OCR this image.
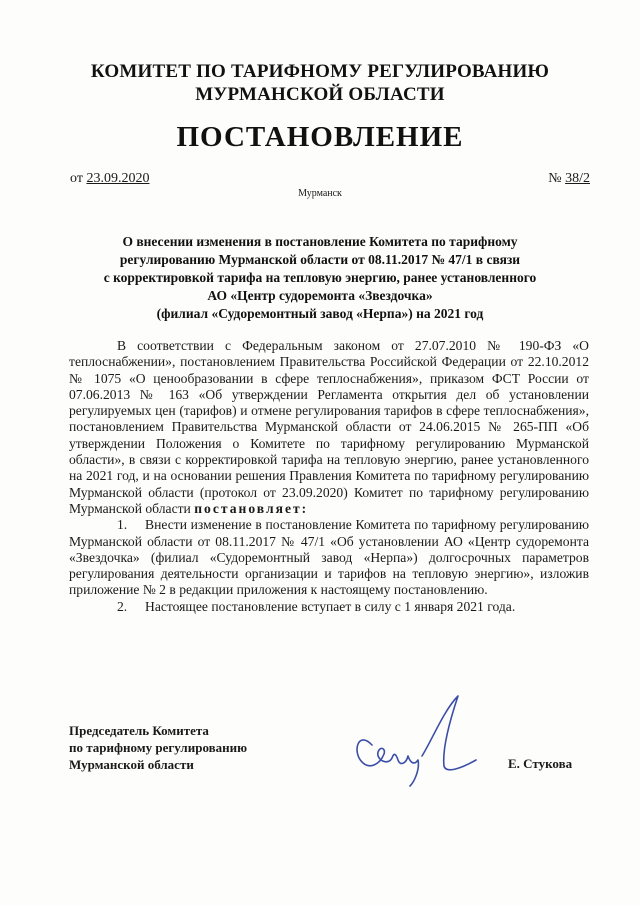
КОМИТЕТ ПО ТАРИФНОМУ РЕГУЛИРОВАНИЮ
МУРМАНСКОЙ ОБЛАСТИ
ПОСТАНОВЛЕНИЕ
от 23.09.2020	№ 38/2
Мурманск
О внесении изменения в постановление Комитета по тарифному
регулированию Мурманской области от 08.11.2017 № 47/1 в связи
с корректировкой тарифа на тепловую энергию, ранее установленного
АО «Центр судоремонта «Звездочка»
(филиал «Судоремонтный завод «Нерпа») на 2021 год

В соответствии с Федеральным законом от 27.07.2010 № 190-ФЗ «О теплоснабжении», постановлением Правительства Российской Федерации от 22.10.2012 № 1075 «О ценообразовании в сфере теплоснабжения», приказом ФСТ России от 07.06.2013 № 163 «Об утверждении Регламента открытия дел об установлении регулируемых цен (тарифов) и отмене регулирования тарифов в сфере теплоснабжения», постановлением Правительства Мурманской области от 24.06.2015 № 265-ПП «Об утверждении Положения о Комитете по тарифному регулированию Мурманской области», в связи с корректировкой тарифа на тепловую энергию, ранее установленного на 2021 год, и на основании решения Правления Комитета по тарифному регулированию Мурманской области (протокол от 23.09.2020) Комитет по тарифному регулированию Мурманской области постановляет:

1. Внести изменение в постановление Комитета по тарифному регулированию Мурманской области от 08.11.2017 № 47/1 «Об установлении АО «Центр судоремонта «Звездочка» (филиал «Судоремонтный завод «Нерпа») долгосрочных параметров регулирования деятельности организации и тарифов на тепловую энергию», изложив приложение № 2 в редакции приложения к настоящему постановлению.

2. Настоящее постановление вступает в силу с 1 января 2021 года.

Председатель Комитета
по тарифному регулированию
Мурманской области	Е. Стукова
